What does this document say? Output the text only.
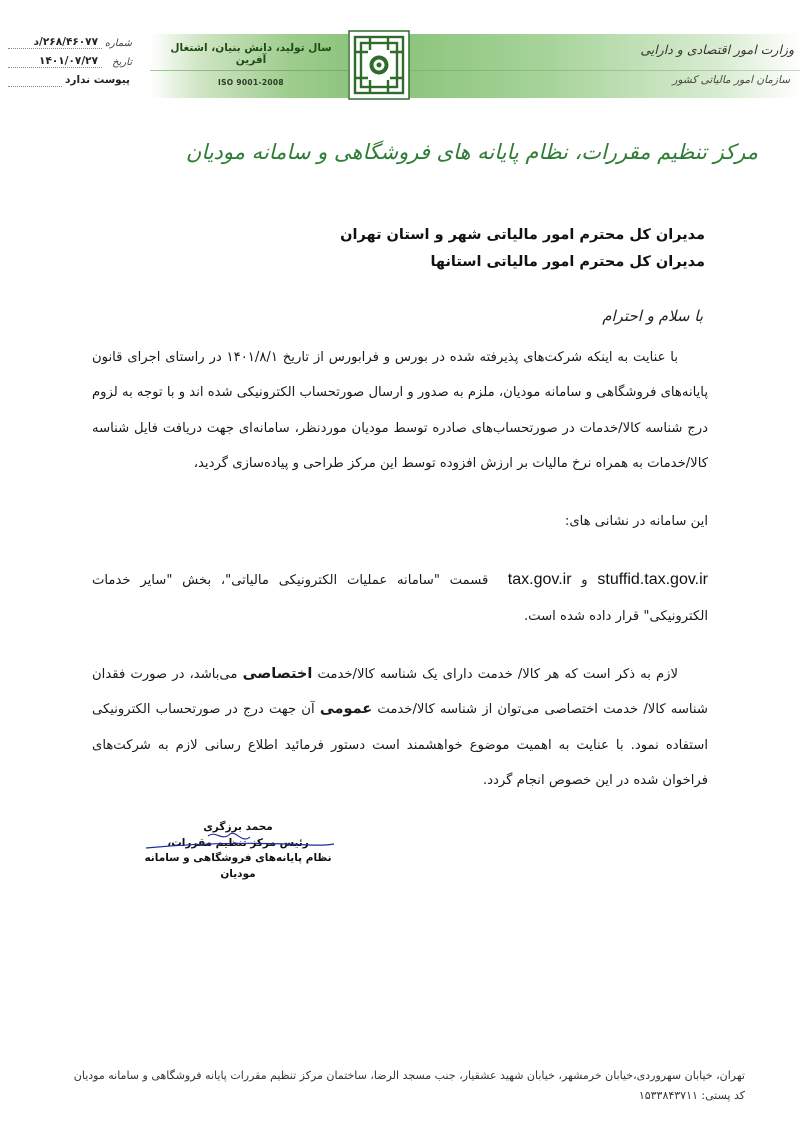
سال تولید، دانش بنیان، اشتغال آفرین
ISO 9001-2008
وزارت امور اقتصادی و دارایی
سازمان امور مالیاتی کشور
۲۶۸/۴۶۰۷۷/د شماره
۱۴۰۱/۰۷/۲۷ تاریخ
پیوست ندارد
مرکز تنظیم مقررات، نظام پایانه های فروشگاهی و سامانه مودیان
مدیران کل محترم امور مالیاتی شهر و استان تهران
مدیران کل محترم امور مالیاتی استانها
با سلام و احترام

با عنایت به اینکه شرکت‌های پذیرفته شده در بورس و فرابورس از تاریخ ۱۴۰۱/۸/۱ در راستای اجرای قانون پایانه‌های فروشگاهی و سامانه مودیان، ملزم به صدور و ارسال صورتحساب الکترونیکی شده اند و با توجه به لزوم درج شناسه کالا/خدمات در صورتحساب‌های صادره توسط مودیان مورد‌نظر، سامانه‌ای جهت دریافت فایل شناسه کالا/خدمات به همراه نرخ مالیات بر ارزش افزوده توسط این مرکز طراحی و پیاده‌سازی گردید،

این سامانه در نشانی های:

stuffid.tax.gov.ir و tax.gov.ir  قسمت "سامانه عملیات الکترونیکی مالیاتی"، بخش "سایر خدمات الکترونیکی" قرار داده شده است.

لازم به ذکر است که هر کالا/ خدمت دارای یک شناسه کالا/خدمت اختصاصی می‌باشد، در صورت فقدان شناسه کالا/ خدمت اختصاصی می‌توان از شناسه کالا/خدمت عمومی آن جهت درج در صورتحساب الکترونیکی استفاده نمود. با عنایت به اهمیت موضوع خواهشمند است دستور فرمائید اطلاع رسانی لازم به شرکت‌های فراخوان شده در این خصوص انجام گردد.

محمد برزگری
رئیس مرکز تنظیم مقررات،
نظام پایانه‌های فروشگاهی و سامانه مودیان
تهران، خیابان سهروردی،خیابان خرمشهر، خیابان شهید عشقیار، جنب مسجد الرضا، ساختمان مرکز تنظیم مقررات پایانه فروشگاهی و سامانه مودیان
کد پستی: ۱۵۳۳۸۴۳۷۱۱
